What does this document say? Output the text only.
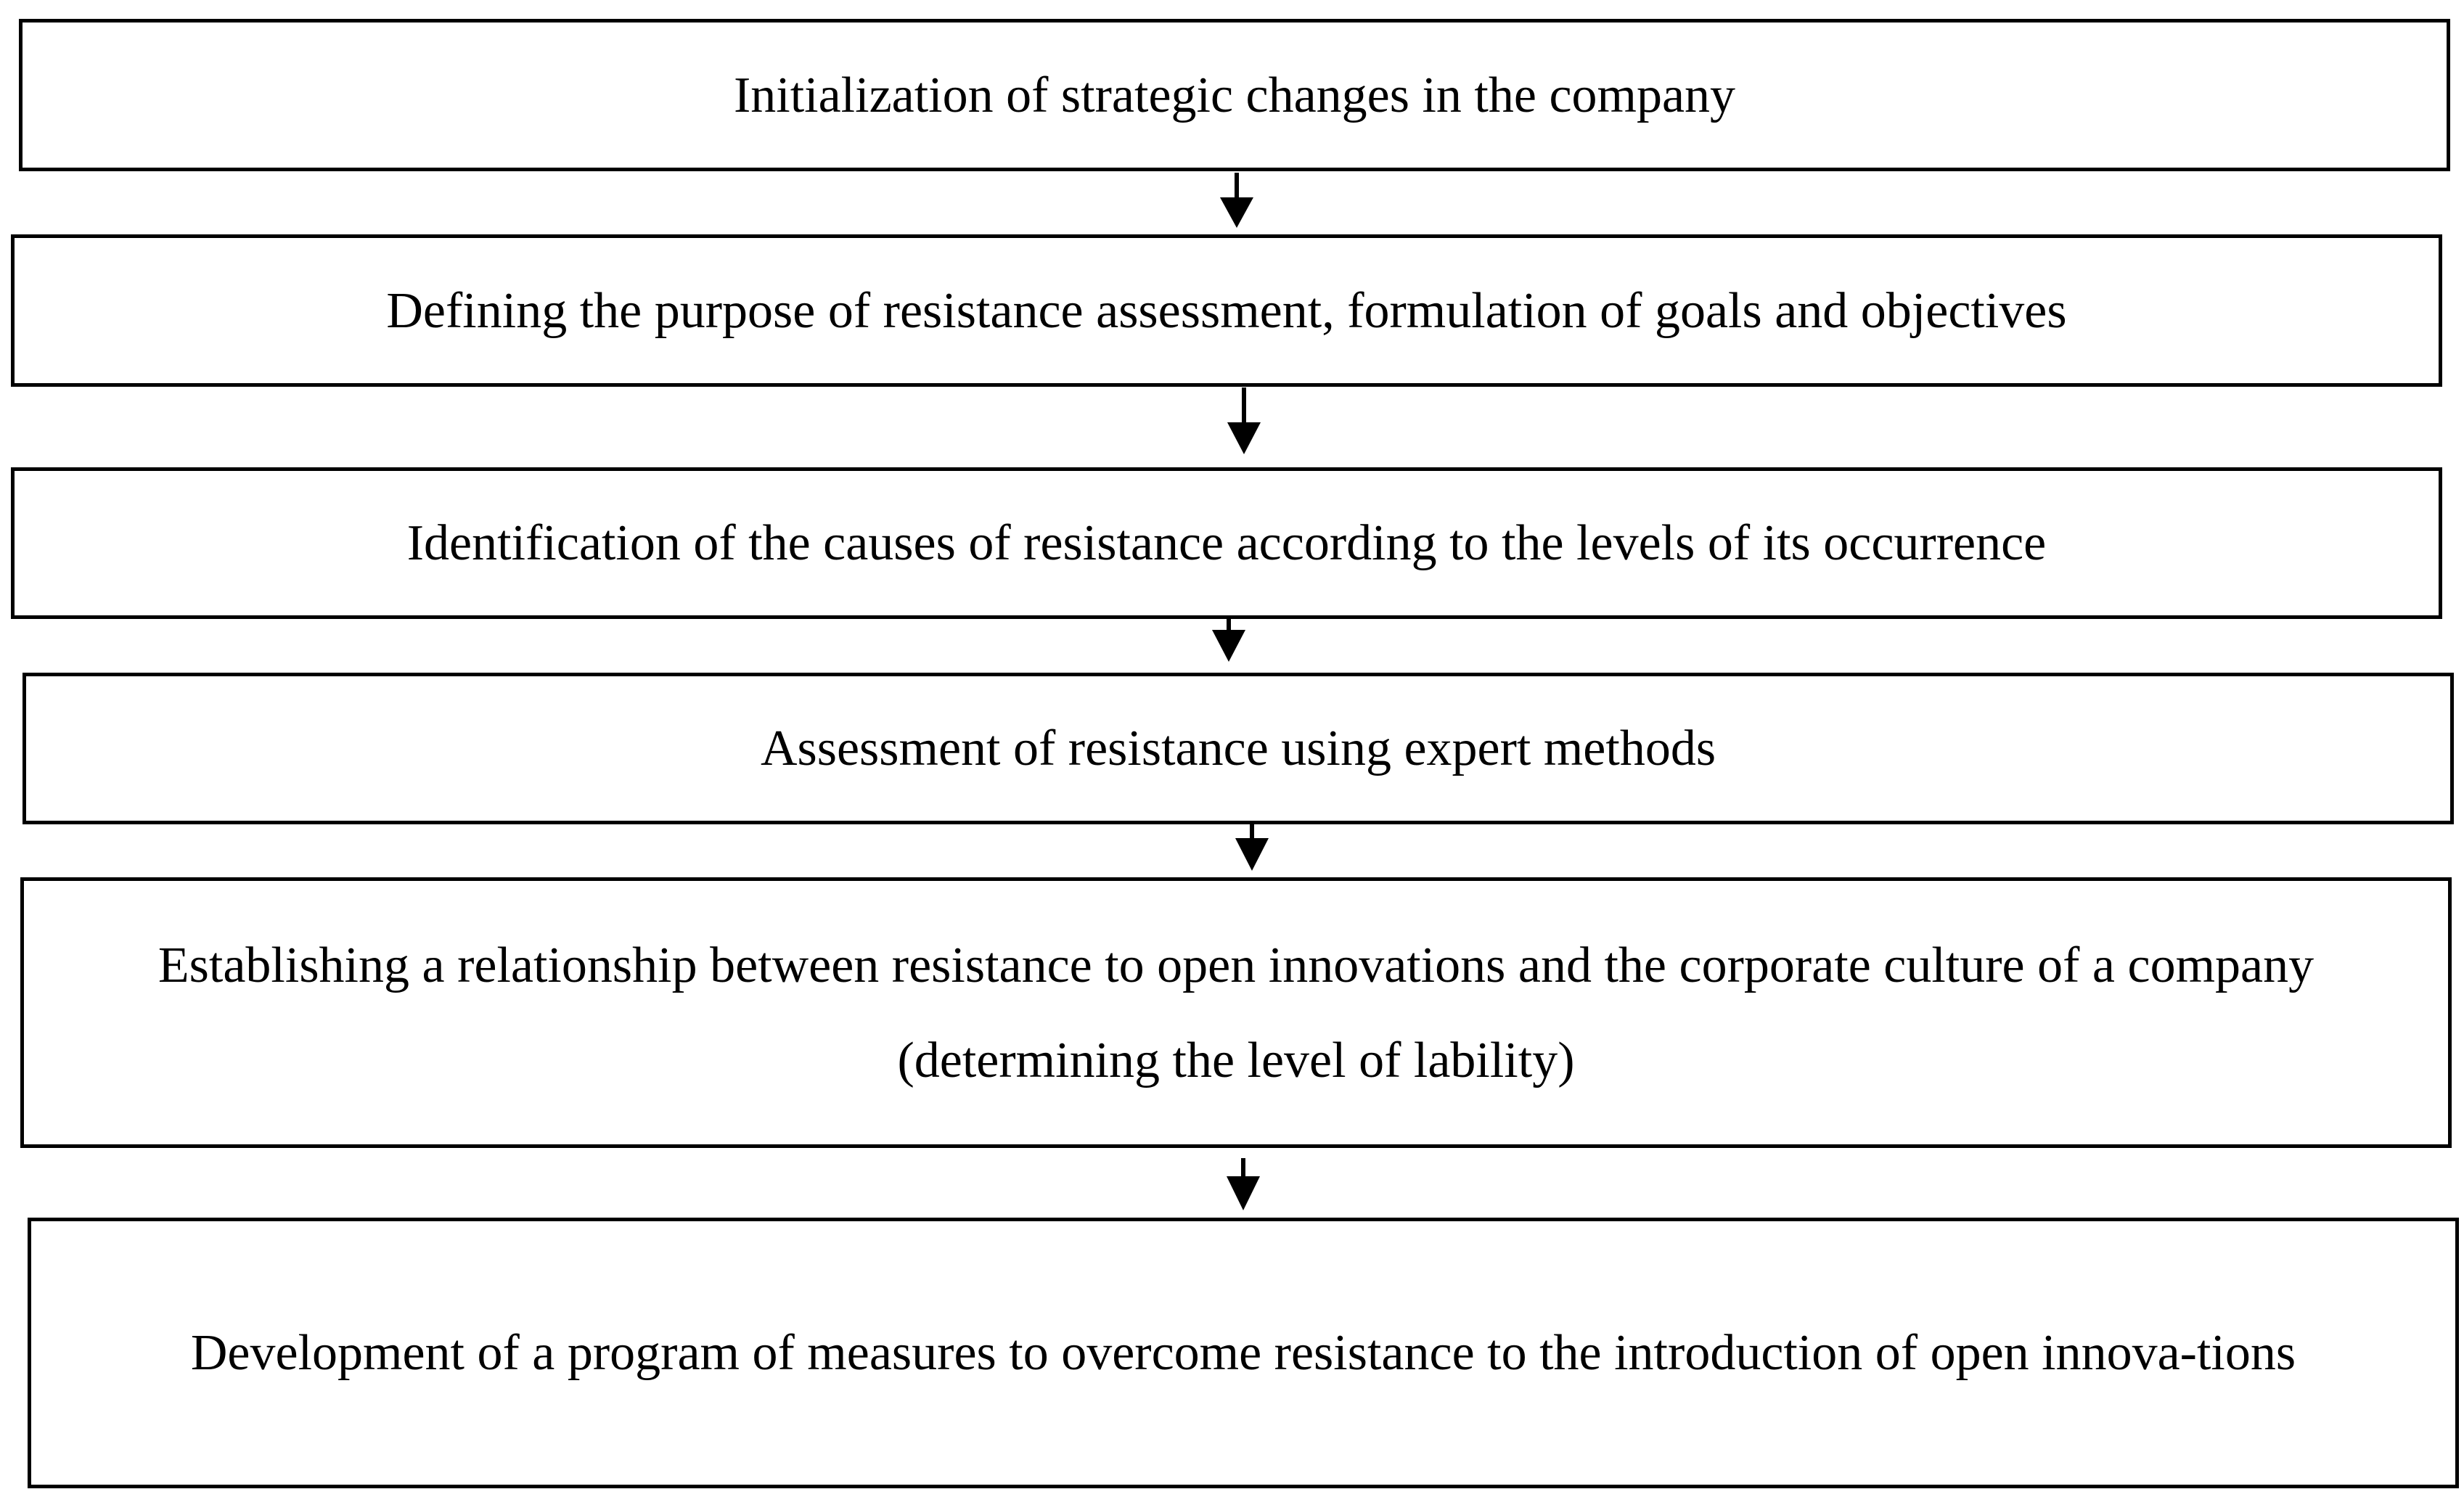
Initialization of strategic changes in the company
Defining the purpose of resistance assessment, formulation of goals and objectives
Identification of the causes of resistance according to the levels of its occurrence
Assessment of resistance using expert methods
Establishing a relationship between resistance to open innovations and the corporate culture of a company (determining the level of lability)
Development of a program of measures to overcome resistance to the introduction of open innova-tions
